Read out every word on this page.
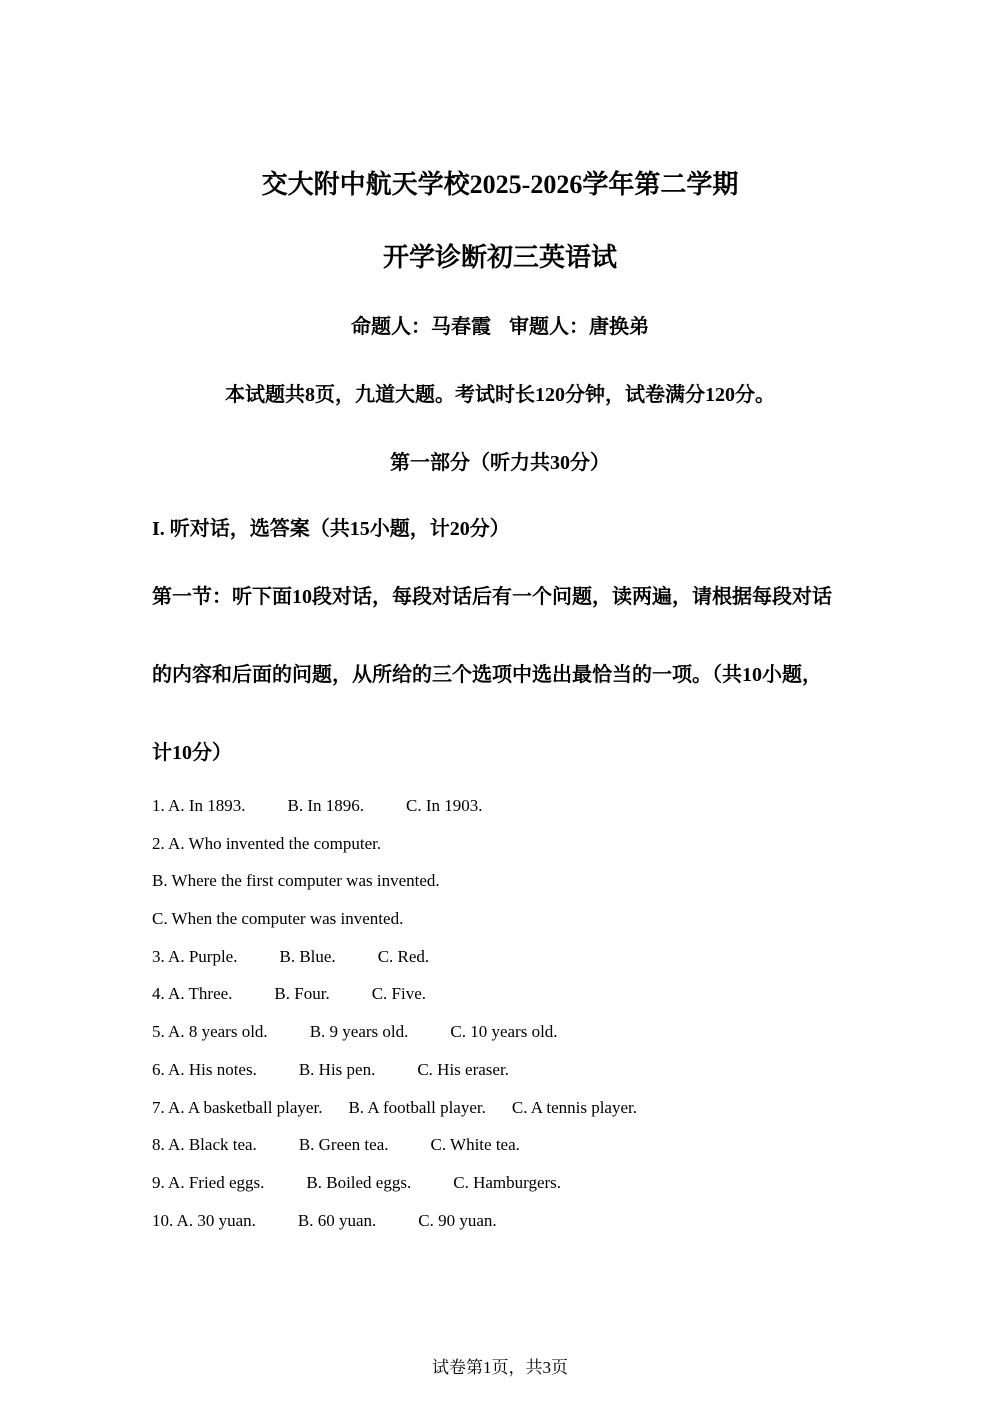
交大附中航天学校2025-2026学年第二学期
开学诊断初三英语试
命题人：马春霞 审题人：唐换弟
本试题共8页，九道大题。考试时长120分钟，试卷满分120分。
第一部分（听力共30分）
I. 听对话，选答案（共15小题，计20分）
第一节：听下面10段对话，每段对话后有一个问题，读两遍，请根据每段对话
的内容和后面的问题，从所给的三个选项中选出最恰当的一项。（共10小题，
计10分）
1. A. In 1893. B. In 1896. C. In 1903.
2. A. Who invented the computer.
B. Where the first computer was invented.
C. When the computer was invented.
3. A. Purple. B. Blue. C. Red.
4. A. Three. B. Four. C. Five.
5. A. 8 years old. B. 9 years old. C. 10 years old.
6. A. His notes. B. His pen. C. His eraser.
7. A. A basketball player. B. A football player. C. A tennis player.
8. A. Black tea. B. Green tea. C. White tea.
9. A. Fried eggs. B. Boiled eggs. C. Hamburgers.
10. A. 30 yuan. B. 60 yuan. C. 90 yuan.
试卷第1页，共3页
